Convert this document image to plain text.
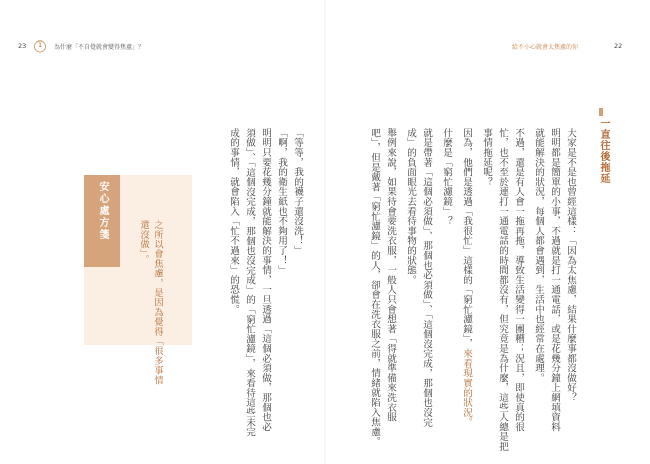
23 1 為什麼「不自覺就會變得焦慮」？	給不小心就會太焦慮的你	22
一直往後拖延
大家是不是也曾經這樣：「因為太焦慮，結果什麼事都沒做好？
明明都是簡單的小事，不過就是打一通電話，或是花幾分鐘上網填資料
就能解決的狀況，每個人都會遇到，生活中也經常在處理。
不過，還是有人會一拖再拖，導致生活變得一團糟；況且，即使真的很
忙，也不至於連打一通電話的時間都沒有，但究竟是為什麼，這些人總是把
事情拖延呢？
因為，他們是透過「我很忙」這樣的「窮忙濾鏡」，來看現實的狀況。
什麼是「窮忙濾鏡」？
就是帶著「這個必須做」、那個也必須做」、「這個沒完成，那個也沒完
成」的負面眼光去看待事物的狀態。
舉例來說，如果待會要洗衣服，一般人只會想著「得就準備來洗衣服
吧」，但是戴著「窮忙濾鏡」的人，卻會在洗衣服之前，情緒就陷入焦慮。
「等等，我的襪子還沒洗！」
「啊，我的衛生紙也不夠用了！」
明明只要花幾分鐘就能解決的事情，一旦透過「這個必須做，那個也必
須做」、「這個沒完成，那個也沒完成」的「窮忙濾鏡」，來看待這些未完
成的事情，就會陷入「忙不過來」的恐慌。
安心處方箋
之所以會焦慮，是因為覺得「很多事情
還沒做」。
